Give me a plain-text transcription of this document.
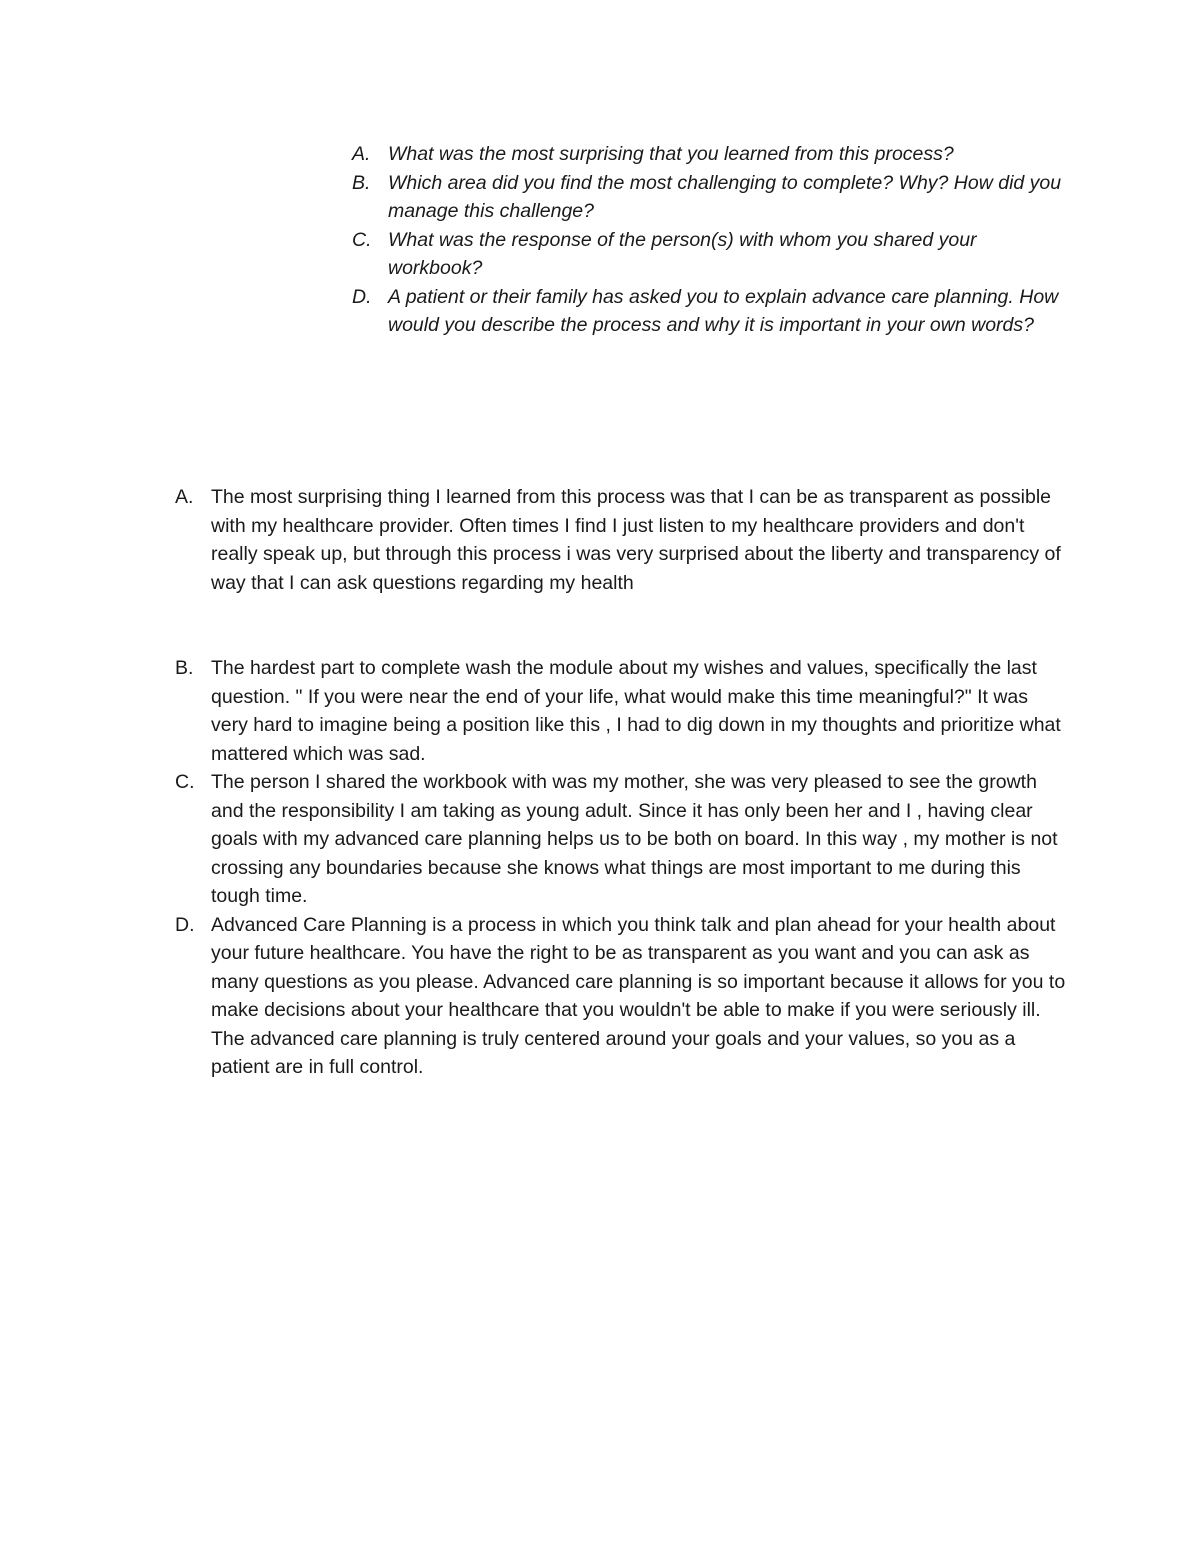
A. What was the most surprising that you learned from this process?
B. Which area did you find the most challenging to complete? Why? How did you manage this challenge?
C. What was the response of the person(s) with whom you shared your workbook?
D. A patient or their family has asked you to explain advance care planning. How would you describe the process and why it is important in your own words?
A. The most surprising thing I learned from this process was that I can be as transparent as possible with my healthcare provider. Often times I find I just listen to my healthcare providers and don't really speak up, but through this process i was very surprised about the liberty and transparency of way that I can ask questions regarding my health
B. The hardest part to complete wash the module about my wishes and values, specifically the last question. " If you were near the end of your life, what would make this time meaningful?" It was very hard to imagine being a position like this , I had to dig down in my thoughts and prioritize what mattered which was sad.
C. The person I shared the workbook with was my mother, she was very pleased to see the growth and the responsibility I am taking as young adult. Since it has only been her and I , having clear goals with my advanced care planning helps us to be both on board. In this way , my mother is not crossing any boundaries because she knows what things are most important to me during this tough time.
D. Advanced Care Planning is a process in which you think talk and plan ahead for your health about your future healthcare. You have the right to be as transparent as you want and you can ask as many questions as you please. Advanced care planning is so important because it allows for you to make decisions about your healthcare that you wouldn't be able to make if you were seriously ill. The advanced care planning is truly centered around your goals and your values, so you as a patient are in full control.
